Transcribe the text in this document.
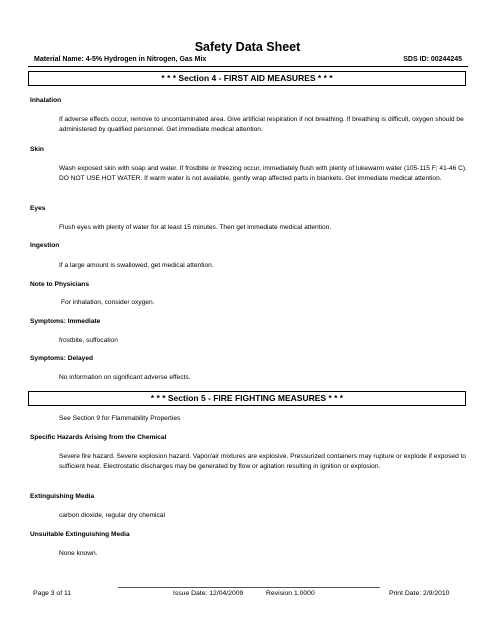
Safety Data Sheet
Material Name: 4-5% Hydrogen in Nitrogen, Gas Mix	SDS ID: 00244245
* * * Section 4 - FIRST AID MEASURES * * *
Inhalation
If adverse effects occur, remove to uncontaminated area. Give artificial respiration if not breathing. If breathing is difficult, oxygen should be administered by qualified personnel. Get immediate medical attention.
Skin
Wash exposed skin with soap and water. If frostbite or freezing occur, immediately flush with plenty of lukewarm water (105-115 F; 41-46 C). DO NOT USE HOT WATER. If warm water is not available, gently wrap affected parts in blankets. Get immediate medical attention.
Eyes
Flush eyes with plenty of water for at least 15 minutes. Then get immediate medical attention.
Ingestion
If a large amount is swallowed, get medical attention.
Note to Physicians
For inhalation, consider oxygen.
Symptoms: Immediate
frostbite, suffocation
Symptoms: Delayed
No information on significant adverse effects.
* * * Section 5 - FIRE FIGHTING MEASURES * * *
See Section 9 for Flammability Properties
Specific Hazards Arising from the Chemical
Severe fire hazard. Severe explosion hazard. Vapor/air mixtures are explosive. Pressurized containers may rupture or explode if exposed to sufficient heat. Electrostatic discharges may be generated by flow or agitation resulting in ignition or explosion.
Extinguishing Media
carbon dioxide, regular dry chemical
Unsuitable Extinguishing Media
None known.
Page 3 of 11	Issue Date: 12/04/2009	Revision 1.0000	Print Date: 2/9/2010
